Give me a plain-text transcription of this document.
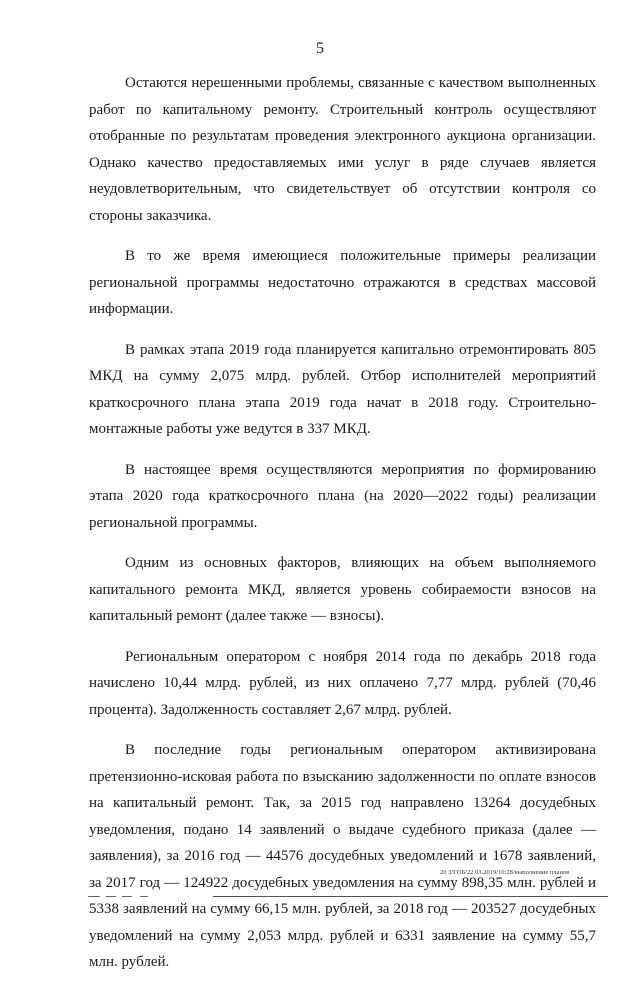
5

Остаются нерешенными проблемы, связанные с качеством выполненных работ по капитальному ремонту. Строительный контроль осуществляют отобранные по результатам проведения электронного аукциона организации. Однако качество предоставляемых ими услуг в ряде случаев является неудовлетворительным, что свидетельствует об отсутствии контроля со стороны заказчика.

В то же время имеющиеся положительные примеры реализации региональной программы недостаточно отражаются в средствах массовой информации.

В рамках этапа 2019 года планируется капитально отремонтировать 805 МКД на сумму 2,075 млрд. рублей. Отбор исполнителей мероприятий краткосрочного плана этапа 2019 года начат в 2018 году. Строительно-монтажные работы уже ведутся в 337 МКД.

В настоящее время осуществляются мероприятия по формированию этапа 2020 года краткосрочного плана (на 2020—2022 годы) реализации региональной программы.

Одним из основных факторов, влияющих на объем выполняемого капитального ремонта МКД, является уровень собираемости взносов на капитальный ремонт (далее также — взносы).

Региональным оператором с ноября 2014 года по декабрь 2018 года начислено 10,44 млрд. рублей, из них оплачено 7,77 млрд. рублей (70,46 процента). Задолженность составляет 2,67 млрд. рублей.

В последние годы региональным оператором активизирована претензионно-исковая работа по взысканию задолженности по оплате взносов на капитальный ремонт. Так, за 2015 год направлено 13264 досудебных уведомления, подано 14 заявлений о выдаче судебного приказа (далее — заявления), за 2016 год — 44576 досудебных уведомлений и 1678 заявлений, за 2017 год — 124922 досудебных уведомления на сумму 898,35 млн. рублей и 5338 заявлений на сумму 66,15 млн. рублей, за 2018 год — 203527 досудебных уведомлений на сумму 2,053 млрд. рублей и 6331 заявление на сумму 55,7 млн. рублей.

20 3/ГОБ/22.03.2019/10:28/выполнение планов
